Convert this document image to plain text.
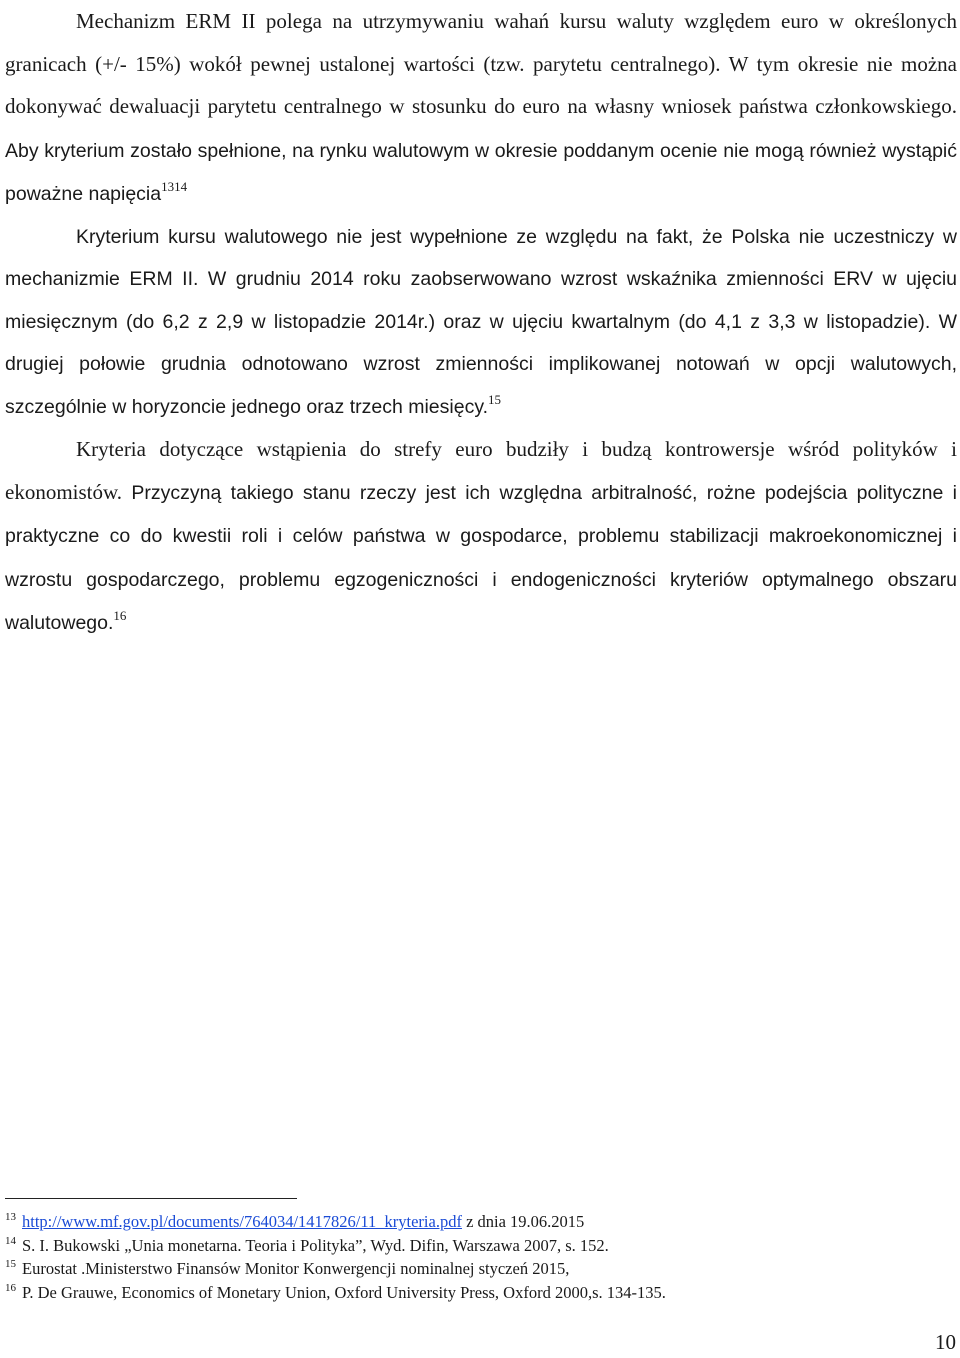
Mechanizm ERM II polega na utrzymywaniu wahań kursu waluty względem euro w określonych granicach (+/- 15%) wokół pewnej ustalonej wartości (tzw. parytetu centralnego). W tym okresie nie można dokonywać dewaluacji parytetu centralnego w stosunku do euro na własny wniosek państwa członkowskiego. Aby kryterium zostało spełnione, na rynku walutowym w okresie poddanym ocenie nie mogą również wystąpić poważne napięcia$^{1314}$

Kryterium kursu walutowego nie jest wypełnione ze względu na fakt, że Polska nie uczestniczy w mechanizmie ERM II. W grudniu 2014 roku zaobserwowano wzrost wskaźnika zmienności ERV w ujęciu miesięcznym (do 6,2 z 2,9 w listopadzie 2014r.) oraz w ujęciu kwartalnym (do 4,1 z 3,3 w listopadzie). W drugiej połowie grudnia odnotowano wzrost zmienności implikowanej notowań w opcji walutowych, szczególnie w horyzoncie jednego oraz trzech miesięcy.$^{15}$

Kryteria dotyczące wstąpienia do strefy euro budziły i budzą kontrowersje wśród polityków i ekonomistów. Przyczyną takiego stanu rzeczy jest ich względna arbitralność, rożne podejścia polityczne i praktyczne co do kwestii roli i celów państwa w gospodarce, problemu stabilizacji makroekonomicznej i wzrostu gospodarczego, problemu egzogeniczności i endogeniczności kryteriów optymalnego obszaru walutowego.$^{16}$

$^{13}$ http://www.mf.gov.pl/documents/764034/1417826/11_kryteria.pdf z dnia 19.06.2015
$^{14}$ S. I. Bukowski „Unia monetarna. Teoria i Polityka”, Wyd. Difin, Warszawa 2007, s. 152.
$^{15}$ Eurostat .Ministerstwo Finansów Monitor Konwergencji nominalnej styczeń 2015,
$^{16}$ P. De Grauwe, Economics of Monetary Union, Oxford University Press, Oxford 2000,s. 134-135.
10
